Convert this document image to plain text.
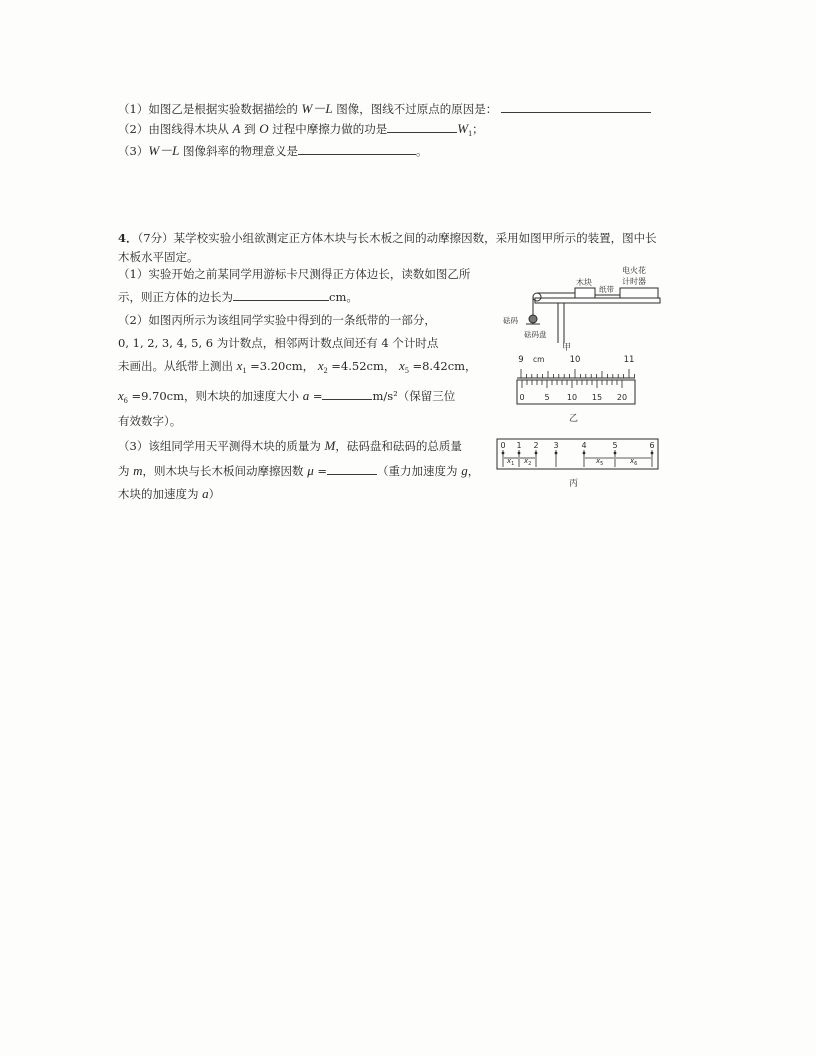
（1）如图乙是根据实验数据描绘的 W－L 图像，图线不过原点的原因是：
（2）由图线得木块从 A 到 O 过程中摩擦力做的功是	$W_1$；
（3）W－L 图像斜率的物理意义是	。
4．（7分）某学校实验小组欲测定正方体木块与长木板之间的动摩擦因数，采用如图甲所示的装置，图中长
木板水平固定。
（1）实验开始之前某同学用游标卡尺测得正方体边长，读数如图乙所
示，则正方体的边长为	cm。
（2）如图丙所示为该组同学实验中得到的一条纸带的一部分，
0, 1, 2, 3, 4, 5, 6 为计数点，相邻两计数点间还有 4 个计时点
未画出。从纸带上测出 $x_1 =3.20cm$， $x_2 =4.52cm$， $x_5 =8.42cm$，
$x_6 =9.70cm$，则木块的加速度大小 a =	m/s²（保留三位
有效数字）。
（3）该组同学用天平测得木块的质量为 M，砝码盘和砝码的总质量
为 m，则木块与长木板间动摩擦因数 μ =	（重力加速度为 g，
木块的加速度为 a）
电火花
计时器
木块
纸带
砝码
砝码盘
甲
9 cm	10	11
0 5 10 15 20
乙
0 1 2 3	4	5	6
$x_1$ $x_2$	$x_5$	$x_6$
丙
